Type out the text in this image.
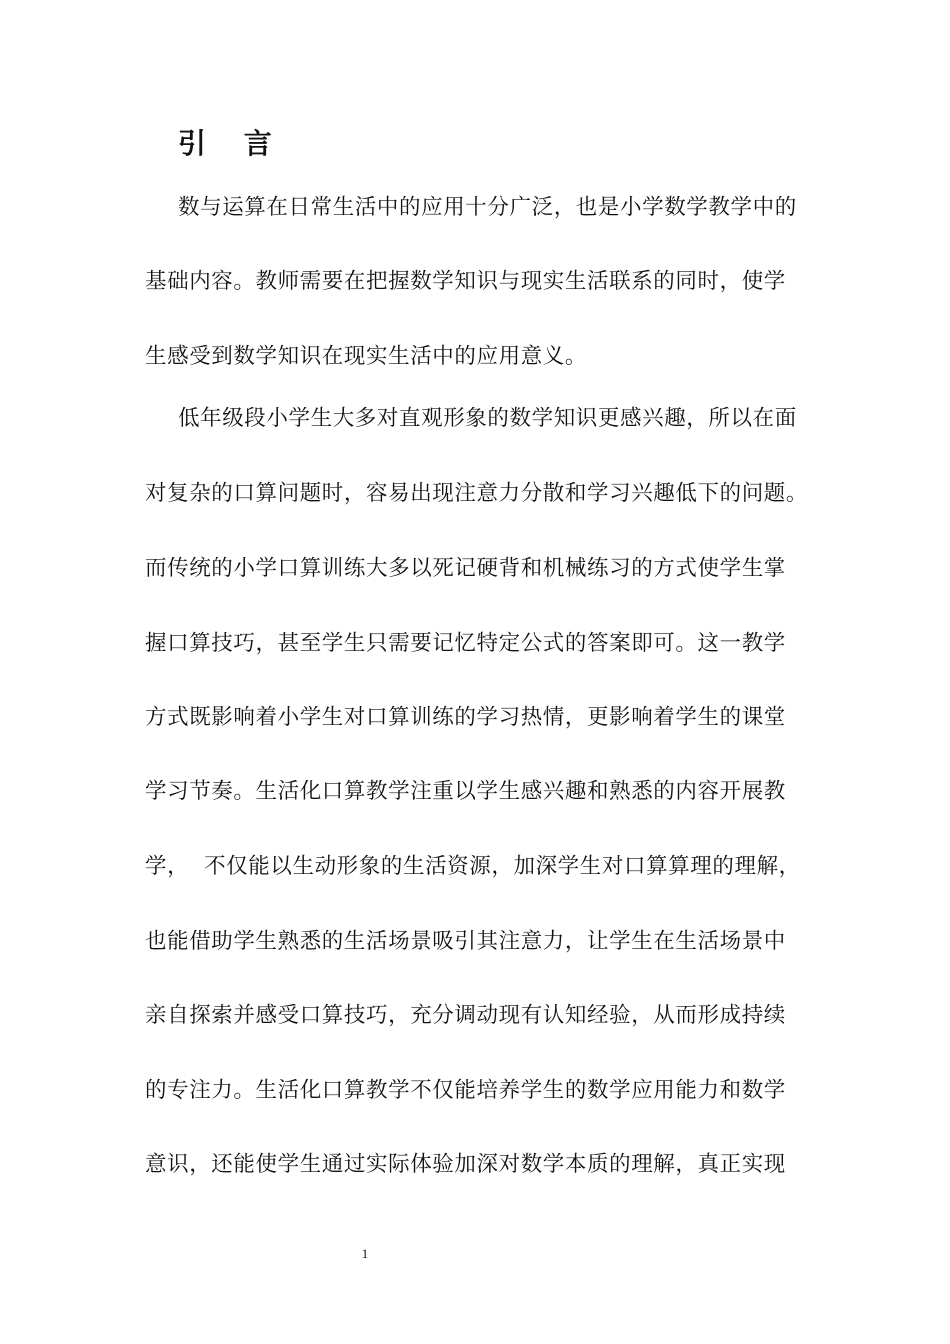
引 言
数与运算在日常生活中的应用十分广泛，也是小学数学教学中的
基础内容。教师需要在把握数学知识与现实生活联系的同时，使学
生感受到数学知识在现实生活中的应用意义。
低年级段小学生大多对直观形象的数学知识更感兴趣，所以在面
对复杂的口算问题时，容易出现注意力分散和学习兴趣低下的问题。
而传统的小学口算训练大多以死记硬背和机械练习的方式使学生掌
握口算技巧，甚至学生只需要记忆特定公式的答案即可。这一教学
方式既影响着小学生对口算训练的学习热情，更影响着学生的课堂
学习节奏。生活化口算教学注重以学生感兴趣和熟悉的内容开展教
学，  不仅能以生动形象的生活资源，加深学生对口算算理的理解，
也能借助学生熟悉的生活场景吸引其注意力，让学生在生活场景中
亲自探索并感受口算技巧，充分调动现有认知经验，从而形成持续
的专注力。生活化口算教学不仅能培养学生的数学应用能力和数学
意识，还能使学生通过实际体验加深对数学本质的理解，真正实现
1
